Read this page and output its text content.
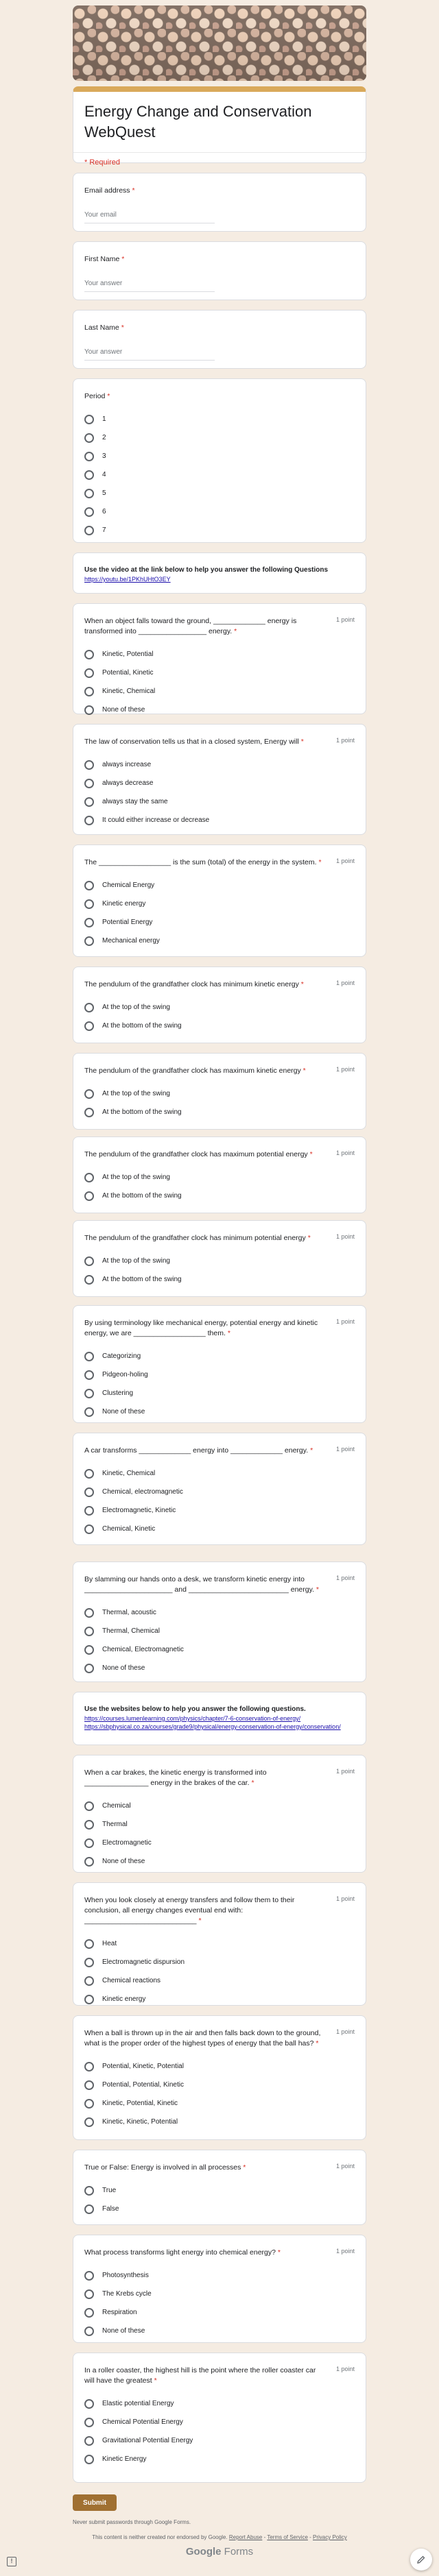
Energy Change and Conservation WebQuest
* Required
Email address *
Your email
First Name *
Your answer
Last Name *
Your answer
Period *
1
2
3
4
5
6
7
Use the video at the link below to help you answer the following Questions
https://youtu.be/1PKhUHtO3EY
When an object falls toward the ground, _____________ energy is transformed into _________________ energy. *
1 point
Kinetic, Potential
Potential, Kinetic
Kinetic, Chemical
None of these
The law of conservation tells us that in a closed system, Energy will *	1 point
always increase
always decrease
always stay the same
It could either increase or decrease
The __________________ is the sum (total) of the energy in the system. *	1 point
Chemical Energy
Kinetic energy
Potential Energy
Mechanical energy
The pendulum of the grandfather clock has minimum kinetic energy *	1 point
At the top of the swing
At the bottom of the swing
The pendulum of the grandfather clock has maximum kinetic energy *	1 point
At the top of the swing
At the bottom of the swing
The pendulum of the grandfather clock has maximum potential energy *	1 point
At the top of the swing
At the bottom of the swing
The pendulum of the grandfather clock has minimum potential energy *	1 point
At the top of the swing
At the bottom of the swing
By using terminology like mechanical energy, potential energy and kinetic energy, we are __________________ them. *
1 point
Categorizing
Pidgeon-holing
Clustering
None of these
A car transforms _____________ energy into _____________ energy. *	1 point
Kinetic, Chemical
Chemical, electromagnetic
Electromagnetic, Kinetic
Chemical, Kinetic
By slamming our hands onto a desk, we transform kinetic energy into ______________________ and _________________________ energy. *
1 point
Thermal, acoustic
Thermal, Chemical
Chemical, Electromagnetic
None of these
Use the websites below to help you answer the following questions.
https://courses.lumenlearning.com/physics/chapter/7-6-conservation-of-energy/
https://sbphysical.co.za/courses/grade9/physical/energy-conservation-of-energy/conservation/
When a car brakes, the kinetic energy is transformed into ________________ energy in the brakes of the car. *
1 point
Chemical
Thermal
Electromagnetic
None of these
When you look closely at energy transfers and follow them to their conclusion, all energy changes eventual end with: ____________________________ *
1 point
Heat
Electromagnetic dispursion
Chemical reactions
Kinetic energy
When a ball is thrown up in the air and then falls back down to the ground, what is the proper order of the highest types of energy that the ball has? *
1 point
Potential, Kinetic, Potential
Potential, Potential, Kinetic
Kinetic, Potential, Kinetic
Kinetic, Kinetic, Potential
True or False: Energy is involved in all processes *	1 point
True
False
What process transforms light energy into chemical energy? *	1 point
Photosynthesis
The Krebs cycle
Respiration
None of these
In a roller coaster, the highest hill is the point where the roller coaster car will have the greatest *
1 point
Elastic potential Energy
Chemical Potential Energy
Gravitational Potential Energy
Kinetic Energy
Submit
Never submit passwords through Google Forms.
This content is neither created nor endorsed by Google. Report Abuse - Terms of Service - Privacy Policy
Google Forms
!
